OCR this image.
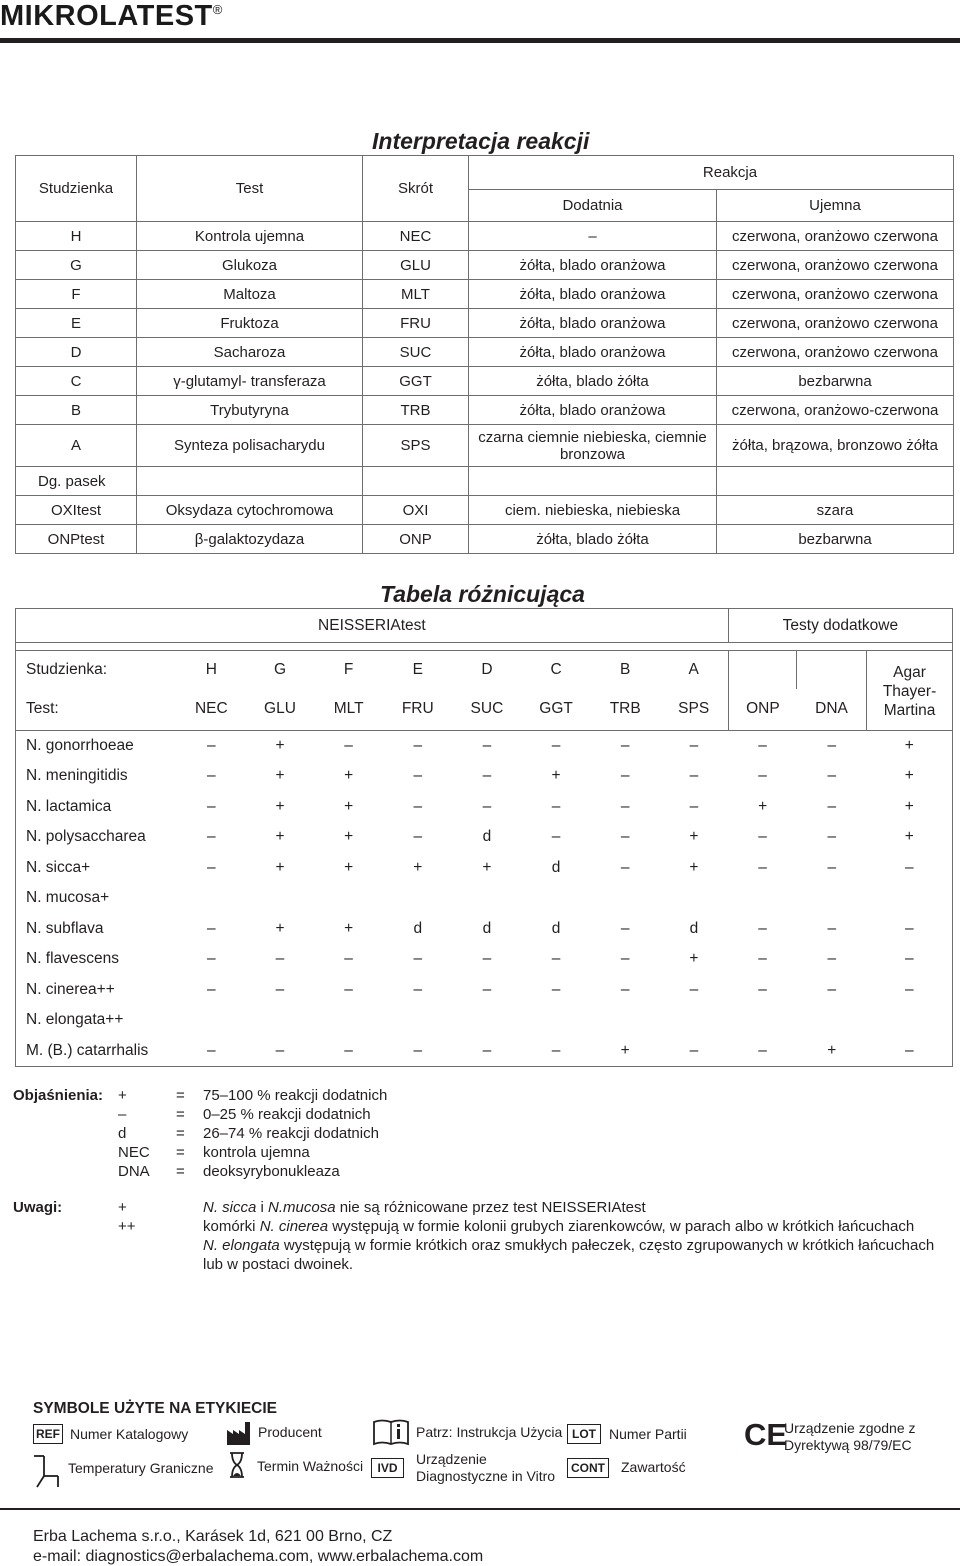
MIKROLATEST®
Interpretacja reakcji
Studzienka	Test	Skrót	Reakcja	
			Dodatnia	Ujemna
H	Kontrola ujemna	NEC	–	czerwona, oranżowo czerwona
G	Glukoza	GLU	żółta, blado oranżowa	czerwona, oranżowo czerwona
F	Maltoza	MLT	żółta, blado oranżowa	czerwona, oranżowo czerwona
E	Fruktoza	FRU	żółta, blado oranżowa	czerwona, oranżowo czerwona
D	Sacharoza	SUC	żółta, blado oranżowa	czerwona, oranżowo czerwona
C	γ-glutamyl- transferaza	GGT	żółta, blado żółta	bezbarwna
B	Trybutyryna	TRB	żółta, blado oranżowa	czerwona, oranżowo-czerwona
A	Synteza polisacharydu	SPS	czarna ciemnie niebieska, ciemnie bronzowa	żółta, brązowa, bronzowo żółta
Dg. pasek				
OXItest	Oksydaza cytochromowa	OXI	ciem. niebieska, niebieska	szara
ONPtest	β-galaktozydaza	ONP	żółta, blado żółta	bezbarwna
Tabela różnicująca
NEISSERIAtest									Testy dodatkowe		

Studzienka:	H	G	F	E	D	C	B	A			Agar Thayer-Martina
Test:	NEC	GLU	MLT	FRU	SUC	GGT	TRB	SPS	ONP	DNA	
N. gonorrhoeae	–	+	–	–	–	–	–	–	–	–	+
N. meningitidis	–	+	+	–	–	+	–	–	–	–	+
N. lactamica	–	+	+	–	–	–	–	–	+	–	+
N. polysaccharea	–	+	+	–	d	–	–	+	–	–	+
N. sicca+	–	+	+	+	+	d	–	+	–	–	–
N. mucosa+											
N. subflava	–	+	+	d	d	d	–	d	–	–	–
N. flavescens	–	–	–	–	–	–	–	+	–	–	–
N. cinerea++	–	–	–	–	–	–	–	–	–	–	–
N. elongata++											
M. (B.) catarrhalis	–	–	–	–	–	–	+	–	–	+	–
Objaśnienia: +	=	75–100 % reakcji dodatnich
–	=	0–25 % reakcji dodatnich
d	=	26–74 % reakcji dodatnich
NEC	=	kontrola ujemna
DNA	=	deoksyrybonukleaza
Uwagi:	+	N. sicca i N.mucosa nie są różnicowane przez test NEISSERIAtest
++	komórki N. cinerea występują w formie kolonii grubych ziarenkowców, w parach albo w krótkich łańcuchach
N. elongata występują w formie krótkich oraz smukłych pałeczek, często zgrupowanych w krótkich łańcuchach lub w postaci dwoinek.
SYMBOLE UŻYTE NA ETYKIECIE
REF Numer Katalogowy	Producent	Patrz: Instrukcja Użycia LOT Numer Partii CE
Urządzenie zgodne z Dyrektywą 98/79/EC
Temperatury Graniczne	Termin Ważności	IVD
Urządzenie Diagnostyczne in Vitro	CONT Zawartość
Erba Lachema s.r.o., Karásek 1d, 621 00 Brno, CZ
e-mail: diagnostics@erbalachema.com, www.erbalachema.com
